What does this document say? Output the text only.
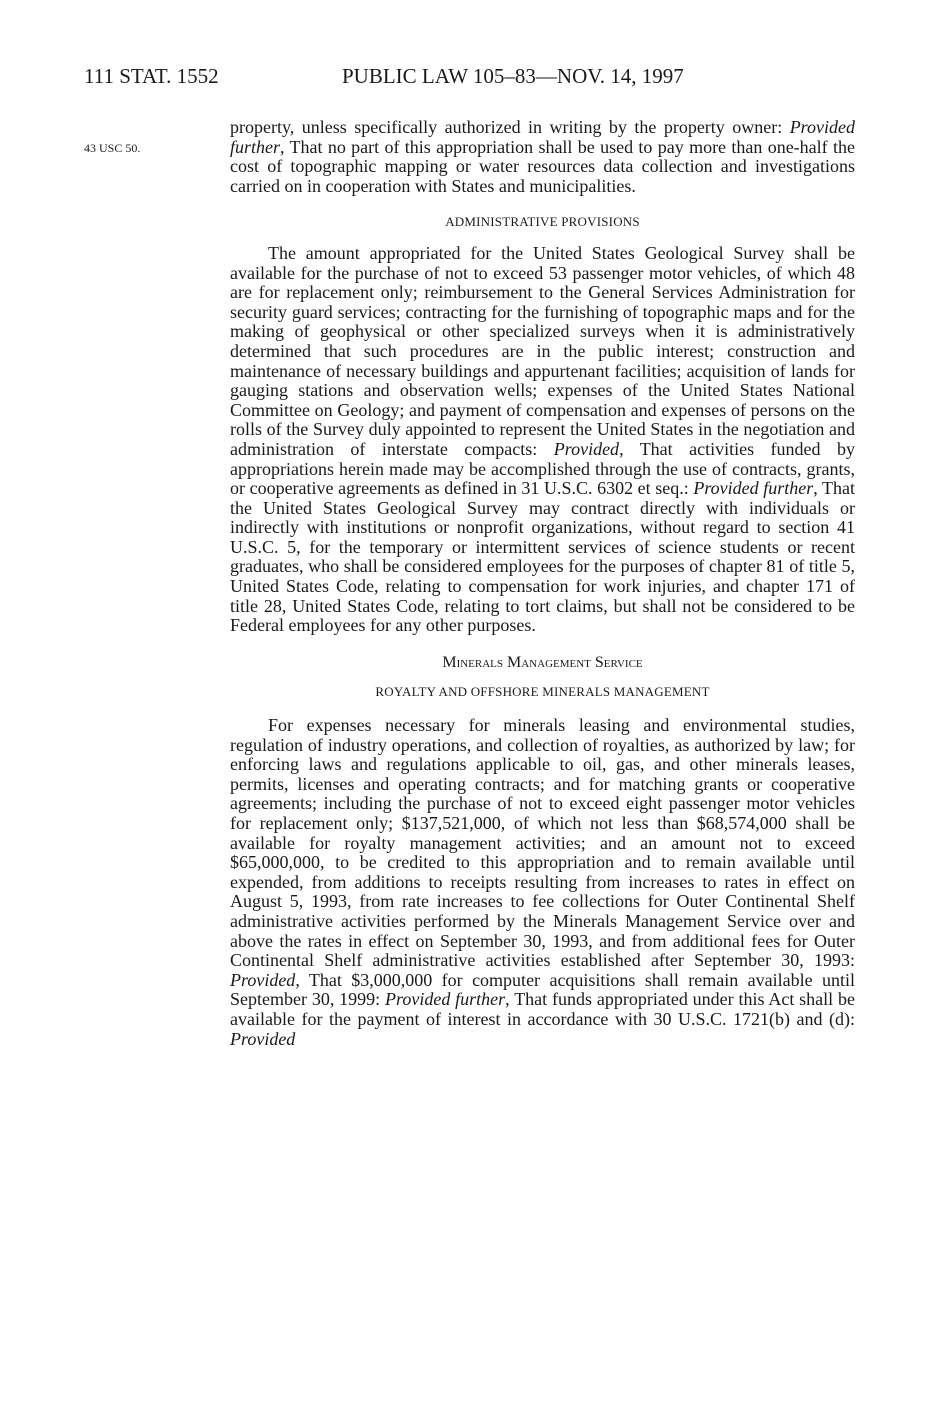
111 STAT. 1552	PUBLIC LAW 105–83—NOV. 14, 1997
43 USC 50.

property, unless specifically authorized in writing by the property owner: Provided further, That no part of this appropriation shall be used to pay more than one-half the cost of topographic mapping or water resources data collection and investigations carried on in cooperation with States and municipalities.

ADMINISTRATIVE PROVISIONS

The amount appropriated for the United States Geological Survey shall be available for the purchase of not to exceed 53 passenger motor vehicles, of which 48 are for replacement only; reimbursement to the General Services Administration for security guard services; contracting for the furnishing of topographic maps and for the making of geophysical or other specialized surveys when it is administratively determined that such procedures are in the public interest; construction and maintenance of necessary buildings and appurtenant facilities; acquisition of lands for gauging stations and observation wells; expenses of the United States National Committee on Geology; and payment of compensation and expenses of persons on the rolls of the Survey duly appointed to represent the United States in the negotiation and administration of interstate compacts: Provided, That activities funded by appropriations herein made may be accomplished through the use of contracts, grants, or cooperative agreements as defined in 31 U.S.C. 6302 et seq.: Provided further, That the United States Geological Survey may contract directly with individuals or indirectly with institutions or nonprofit organizations, without regard to section 41 U.S.C. 5, for the temporary or intermittent services of science students or recent graduates, who shall be considered employees for the purposes of chapter 81 of title 5, United States Code, relating to compensation for work injuries, and chapter 171 of title 28, United States Code, relating to tort claims, but shall not be considered to be Federal employees for any other purposes.

Minerals Management Service
ROYALTY AND OFFSHORE MINERALS MANAGEMENT

For expenses necessary for minerals leasing and environmental studies, regulation of industry operations, and collection of royalties, as authorized by law; for enforcing laws and regulations applicable to oil, gas, and other minerals leases, permits, licenses and operating contracts; and for matching grants or cooperative agreements; including the purchase of not to exceed eight passenger motor vehicles for replacement only; $137,521,000, of which not less than $68,574,000 shall be available for royalty management activities; and an amount not to exceed $65,000,000, to be credited to this appropriation and to remain available until expended, from additions to receipts resulting from increases to rates in effect on August 5, 1993, from rate increases to fee collections for Outer Continental Shelf administrative activities performed by the Minerals Management Service over and above the rates in effect on September 30, 1993, and from additional fees for Outer Continental Shelf administrative activities established after September 30, 1993: Provided, That $3,000,000 for computer acquisitions shall remain available until September 30, 1999: Provided further, That funds appropriated under this Act shall be available for the payment of interest in accordance with 30 U.S.C. 1721(b) and (d): Provided
